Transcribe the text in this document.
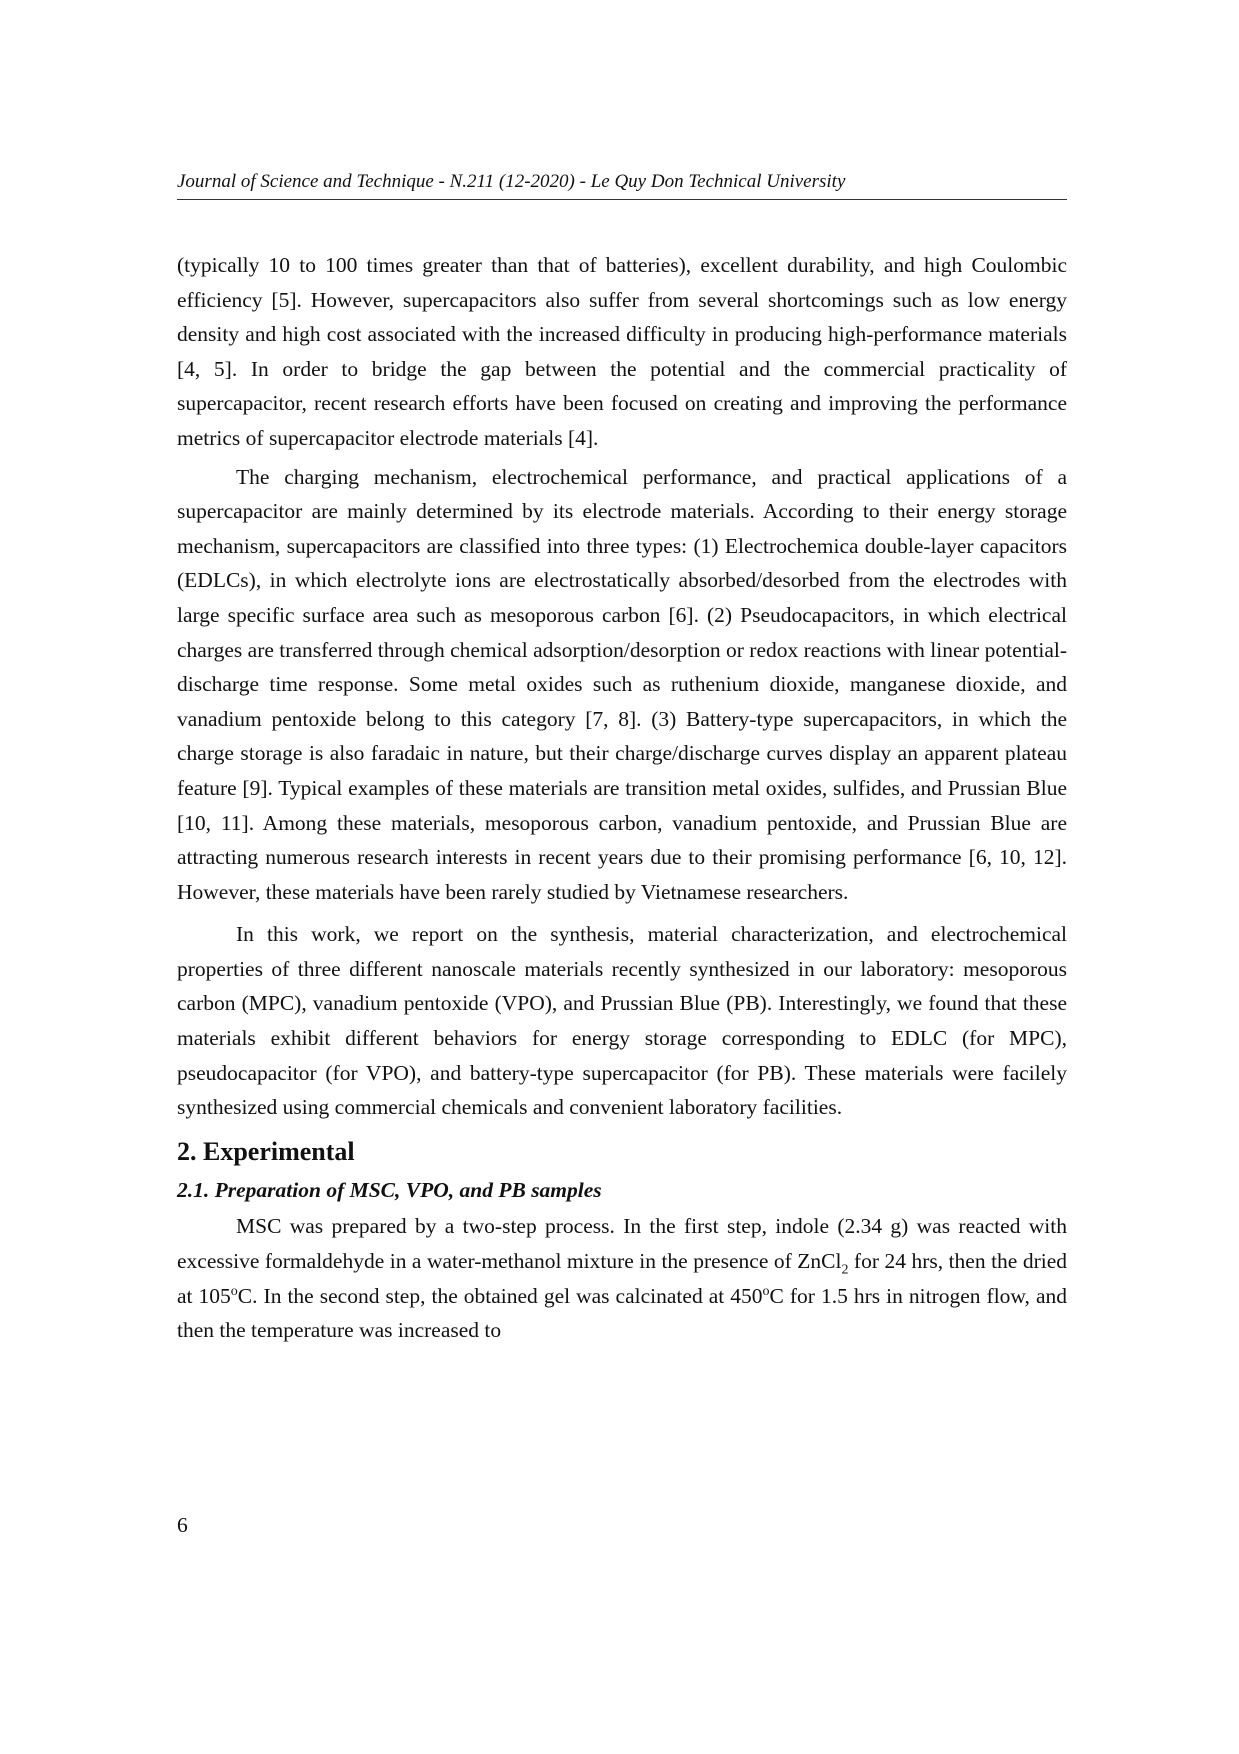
Journal of Science and Technique - N.211 (12-2020) - Le Quy Don Technical University

(typically 10 to 100 times greater than that of batteries), excellent durability, and high Coulombic efficiency [5]. However, supercapacitors also suffer from several shortcomings such as low energy density and high cost associated with the increased difficulty in producing high-performance materials [4, 5]. In order to bridge the gap between the potential and the commercial practicality of supercapacitor, recent research efforts have been focused on creating and improving the performance metrics of supercapacitor electrode materials [4].

The charging mechanism, electrochemical performance, and practical applications of a supercapacitor are mainly determined by its electrode materials. According to their energy storage mechanism, supercapacitors are classified into three types: (1) Electrochemica double-layer capacitors (EDLCs), in which electrolyte ions are electrostatically absorbed/desorbed from the electrodes with large specific surface area such as mesoporous carbon [6]. (2) Pseudocapacitors, in which electrical charges are transferred through chemical adsorption/desorption or redox reactions with linear potential-discharge time response. Some metal oxides such as ruthenium dioxide, manganese dioxide, and vanadium pentoxide belong to this category [7, 8]. (3) Battery-type supercapacitors, in which the charge storage is also faradaic in nature, but their charge/discharge curves display an apparent plateau feature [9]. Typical examples of these materials are transition metal oxides, sulfides, and Prussian Blue [10, 11]. Among these materials, mesoporous carbon, vanadium pentoxide, and Prussian Blue are attracting numerous research interests in recent years due to their promising performance [6, 10, 12]. However, these materials have been rarely studied by Vietnamese researchers.

In this work, we report on the synthesis, material characterization, and electrochemical properties of three different nanoscale materials recently synthesized in our laboratory: mesoporous carbon (MPC), vanadium pentoxide (VPO), and Prussian Blue (PB). Interestingly, we found that these materials exhibit different behaviors for energy storage corresponding to EDLC (for MPC), pseudocapacitor (for VPO), and battery-type supercapacitor (for PB). These materials were facilely synthesized using commercial chemicals and convenient laboratory facilities.

2. Experimental
2.1. Preparation of MSC, VPO, and PB samples

MSC was prepared by a two-step process. In the first step, indole (2.34 g) was reacted with excessive formaldehyde in a water-methanol mixture in the presence of ZnCl$_2$ for 24 hrs, then the dried at 105$^o$C. In the second step, the obtained gel was calcinated at 450$^o$C for 1.5 hrs in nitrogen flow, and then the temperature was increased to

6
